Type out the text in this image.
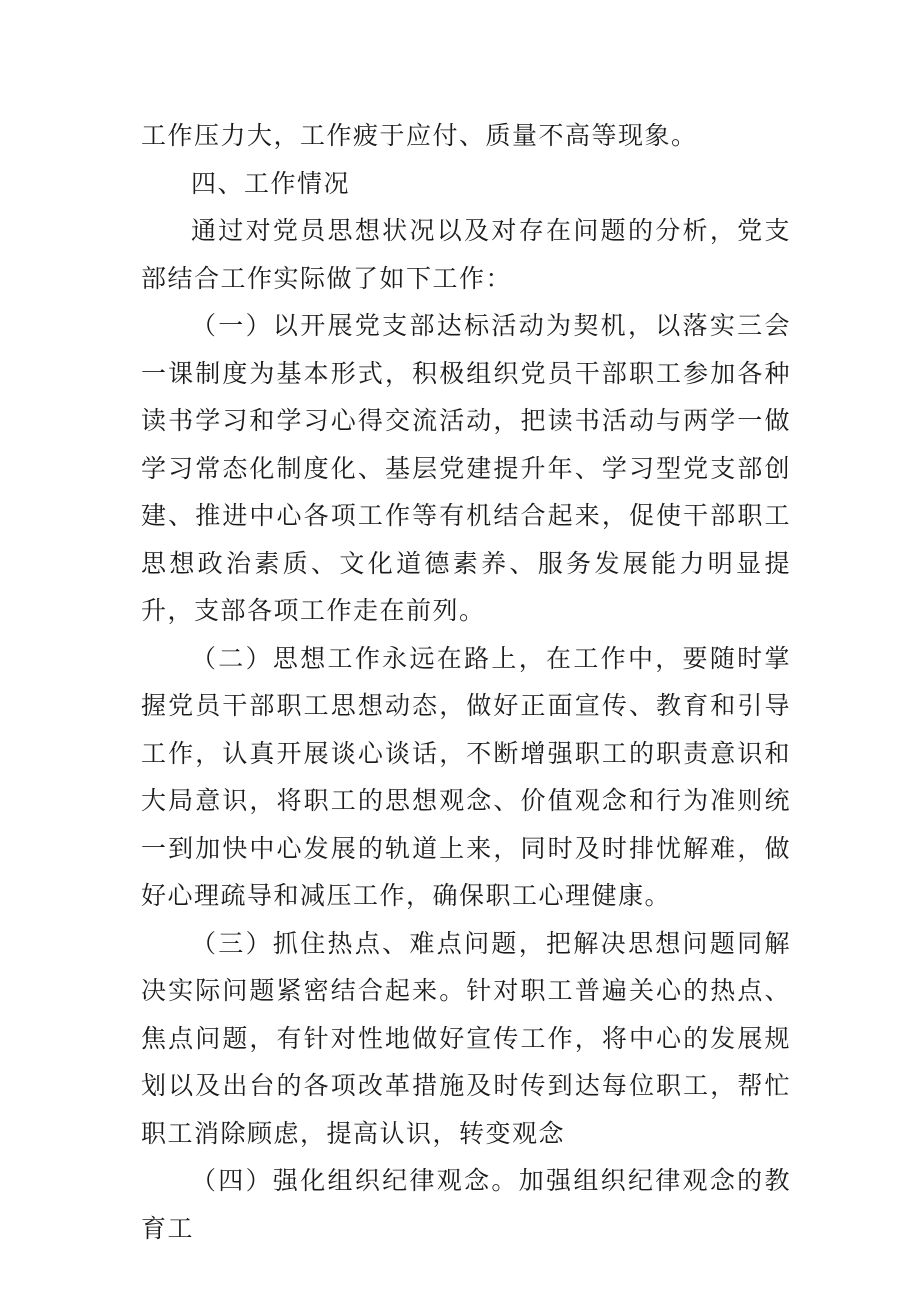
工作压力大，工作疲于应付、质量不高等现象。

四、工作情况

通过对党员思想状况以及对存在问题的分析，党支部结合工作实际做了如下工作：

（一）以开展党支部达标活动为契机，以落实三会一课制度为基本形式，积极组织党员干部职工参加各种读书学习和学习心得交流活动，把读书活动与两学一做学习常态化制度化、基层党建提升年、学习型党支部创建、推进中心各项工作等有机结合起来，促使干部职工思想政治素质、文化道德素养、服务发展能力明显提升，支部各项工作走在前列。

（二）思想工作永远在路上，在工作中，要随时掌握党员干部职工思想动态，做好正面宣传、教育和引导工作，认真开展谈心谈话，不断增强职工的职责意识和大局意识，将职工的思想观念、价值观念和行为准则统一到加快中心发展的轨道上来，同时及时排忧解难，做好心理疏导和减压工作，确保职工心理健康。

（三）抓住热点、难点问题，把解决思想问题同解决实际问题紧密结合起来。针对职工普遍关心的热点、焦点问题，有针对性地做好宣传工作，将中心的发展规划以及出台的各项改革措施及时传到达每位职工，帮忙职工消除顾虑，提高认识，转变观念

（四）强化组织纪律观念。加强组织纪律观念的教育工
